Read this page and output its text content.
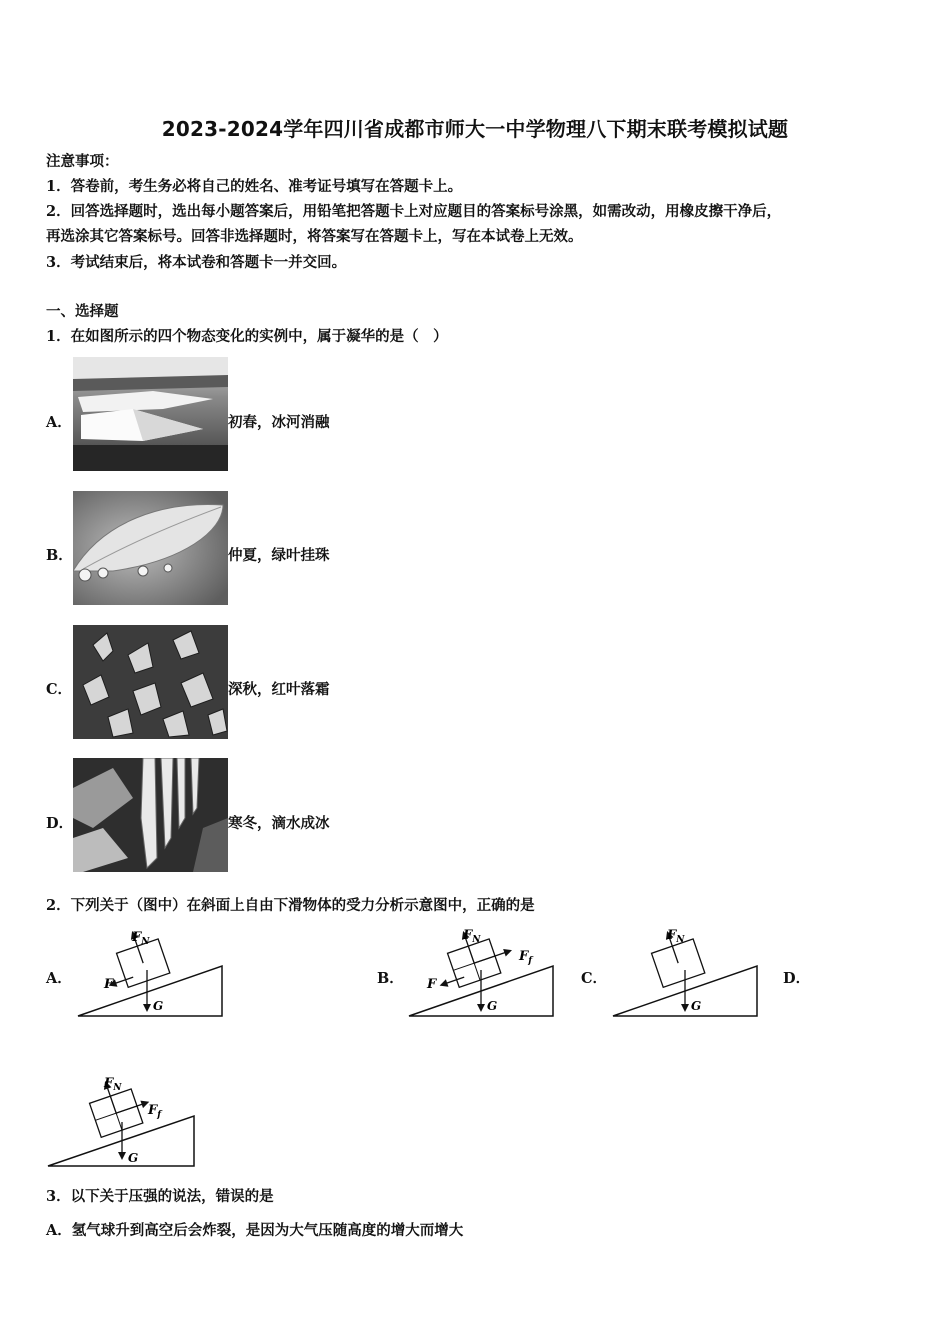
2023-2024学年四川省成都市师大一中学物理八下期末联考模拟试题
注意事项：
1．答卷前，考生务必将自己的姓名、准考证号填写在答题卡上。
2．回答选择题时，选出每小题答案后，用铅笔把答题卡上对应题目的答案标号涂黑，如需改动，用橡皮擦干净后，
再选涂其它答案标号。回答非选择题时，将答案写在答题卡上，写在本试卷上无效。
3．考试结束后，将本试卷和答题卡一并交回。
一、选择题
1．在如图所示的四个物态变化的实例中，属于凝华的是（　）
A．	初春，冰河消融
B．	仲夏，绿叶挂珠
C．	深秋，红叶落霜
D．	寒冬，滴水成冰
2．下列关于（图中）在斜面上自由下滑物体的受力分析示意图中，正确的是
A．
$F_N$
F
G
B．
$F_N$
$F_f$
F
G
C．
$F_N$
G
D．
$F_N$
$F_f$
G
3．以下关于压强的说法，错误的是
A．氢气球升到高空后会炸裂，是因为大气压随高度的增大而增大
